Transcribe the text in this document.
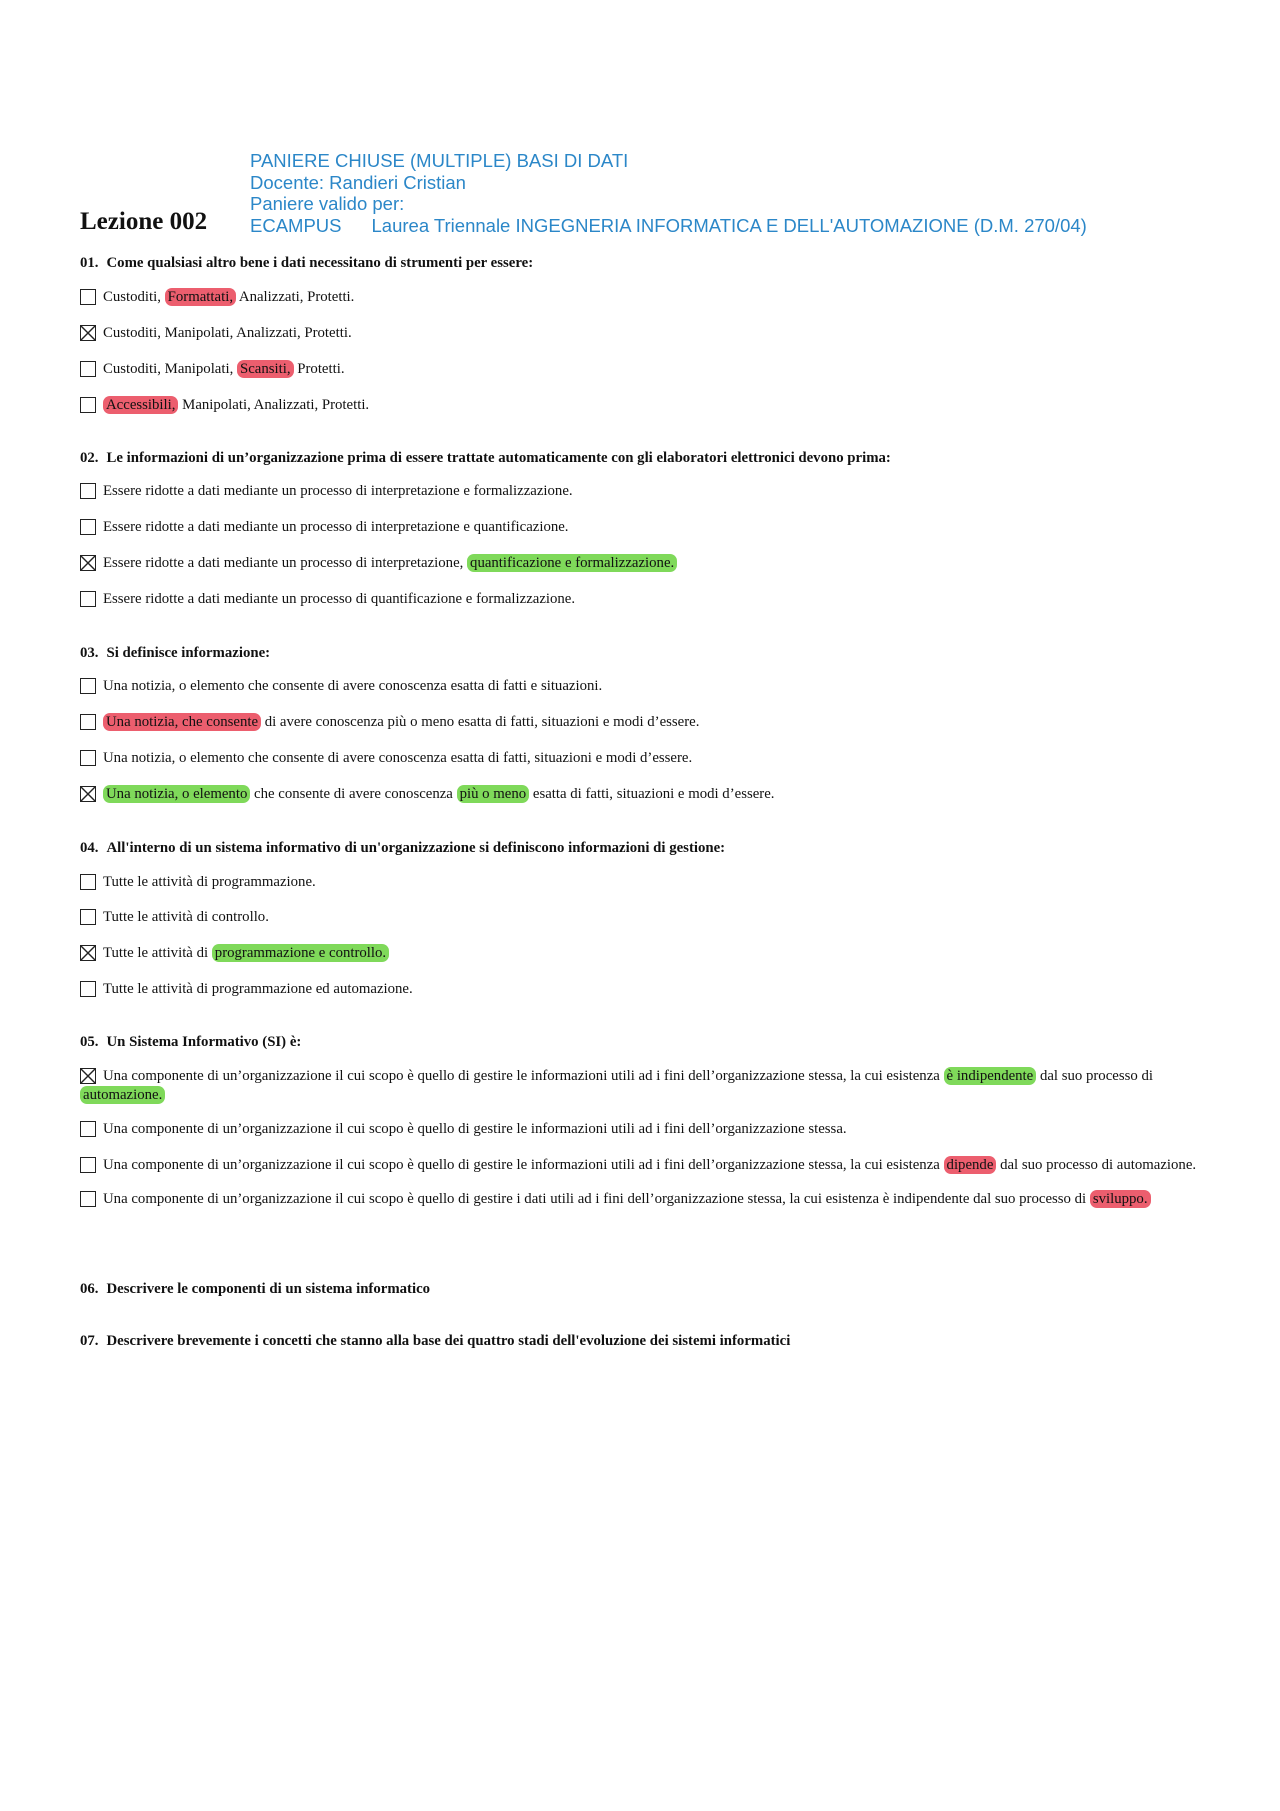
PANIERE CHIUSE (MULTIPLE) BASI DI DATI
Docente: Randieri Cristian
Paniere valido per:
ECAMPUS Laurea Triennale INGEGNERIA INFORMATICA E DELL'AUTOMAZIONE (D.M. 270/04)
Lezione 002

01. Come qualsiasi altro bene i dati necessitano di strumenti per essere:

Custoditi, Formattati, Analizzati, Protetti.

Custoditi, Manipolati, Analizzati, Protetti.

Custoditi, Manipolati, Scansiti, Protetti.

Accessibili, Manipolati, Analizzati, Protetti.

02. Le informazioni di un’organizzazione prima di essere trattate automaticamente con gli elaboratori elettronici devono prima:

Essere ridotte a dati mediante un processo di interpretazione e formalizzazione.

Essere ridotte a dati mediante un processo di interpretazione e quantificazione.

Essere ridotte a dati mediante un processo di interpretazione, quantificazione e formalizzazione.

Essere ridotte a dati mediante un processo di quantificazione e formalizzazione.

03. Si definisce informazione:

Una notizia, o elemento che consente di avere conoscenza esatta di fatti e situazioni.

Una notizia, che consente di avere conoscenza più o meno esatta di fatti, situazioni e modi d’essere.

Una notizia, o elemento che consente di avere conoscenza esatta di fatti, situazioni e modi d’essere.

Una notizia, o elemento che consente di avere conoscenza più o meno esatta di fatti, situazioni e modi d’essere.

04. All'interno di un sistema informativo di un'organizzazione si definiscono informazioni di gestione:

Tutte le attività di programmazione.

Tutte le attività di controllo.

Tutte le attività di programmazione e controllo.

Tutte le attività di programmazione ed automazione.

05. Un Sistema Informativo (SI) è:

Una componente di un’organizzazione il cui scopo è quello di gestire le informazioni utili ad i fini dell’organizzazione stessa, la cui esistenza è indipendente dal suo processo di automazione.

Una componente di un’organizzazione il cui scopo è quello di gestire le informazioni utili ad i fini dell’organizzazione stessa.

Una componente di un’organizzazione il cui scopo è quello di gestire le informazioni utili ad i fini dell’organizzazione stessa, la cui esistenza dipende dal suo processo di automazione.

Una componente di un’organizzazione il cui scopo è quello di gestire i dati utili ad i fini dell’organizzazione stessa, la cui esistenza è indipendente dal suo processo di sviluppo.

06. Descrivere le componenti di un sistema informatico

07. Descrivere brevemente i concetti che stanno alla base dei quattro stadi dell'evoluzione dei sistemi informatici
